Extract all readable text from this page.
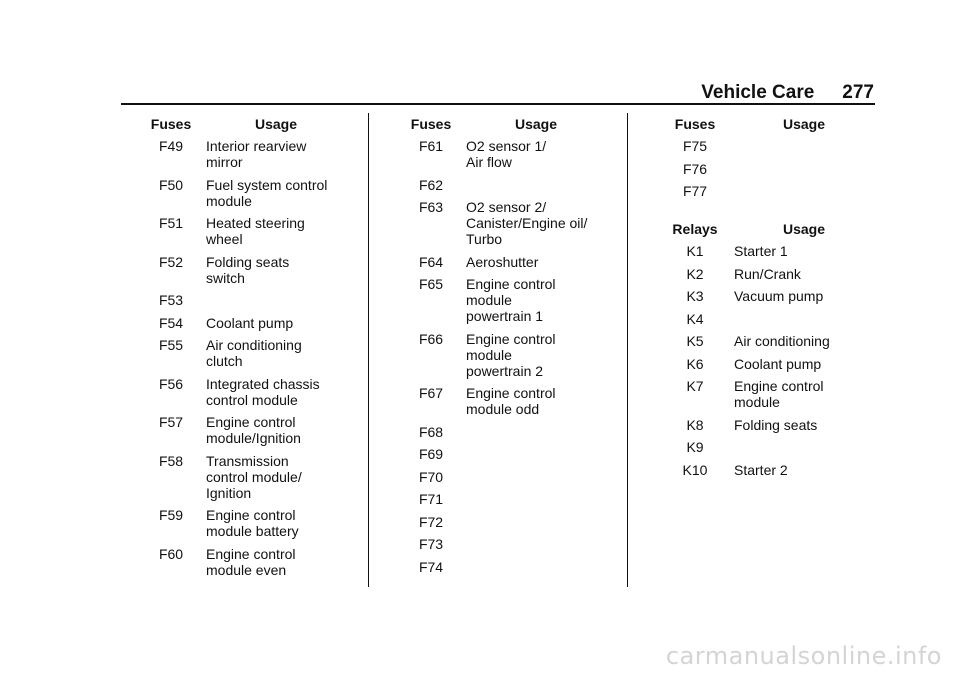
Vehicle Care 277
Fuses	Usage
F49	Interior rearview
mirror
F50	Fuel system control
module
F51	Heated steering
wheel
F52	Folding seats
switch
F53
F54	Coolant pump
F55	Air conditioning
clutch
F56	Integrated chassis
control module
F57	Engine control
module/Ignition
F58	Transmission
control module/
Ignition
F59	Engine control
module battery
F60	Engine control
module even
Fuses	Usage
F61	O2 sensor 1/
Air flow
F62
F63	O2 sensor 2/
Canister/Engine oil/
Turbo
F64	Aeroshutter
F65	Engine control
module
powertrain 1
F66	Engine control
module
powertrain 2
F67	Engine control
module odd
F68
F69
F70
F71
F72
F73
F74
Fuses	Usage
F75
F76
F77
Relays	Usage
K1	Starter 1
K2	Run/Crank
K3	Vacuum pump
K4
K5	Air conditioning
K6	Coolant pump
K7	Engine control
module
K8	Folding seats
K9
K10	Starter 2
carmanualsonline.info
